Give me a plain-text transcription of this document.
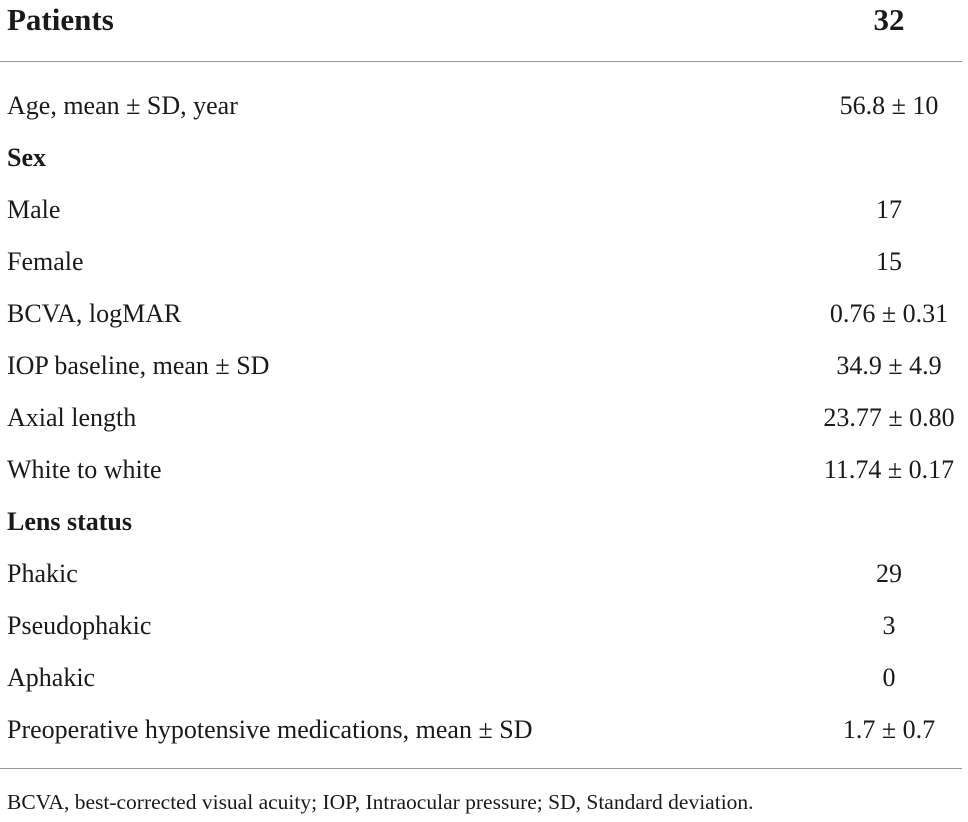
Patients	32
Age, mean ± SD, year	56.8 ± 10
Sex
Male	17
Female	15
BCVA, logMAR	0.76 ± 0.31
IOP baseline, mean ± SD	34.9 ± 4.9
Axial length	23.77 ± 0.80
White to white	11.74 ± 0.17
Lens status
Phakic	29
Pseudophakic	3
Aphakic	0
Preoperative hypotensive medications, mean ± SD	1.7 ± 0.7
BCVA, best-corrected visual acuity; IOP, Intraocular pressure; SD, Standard deviation.
